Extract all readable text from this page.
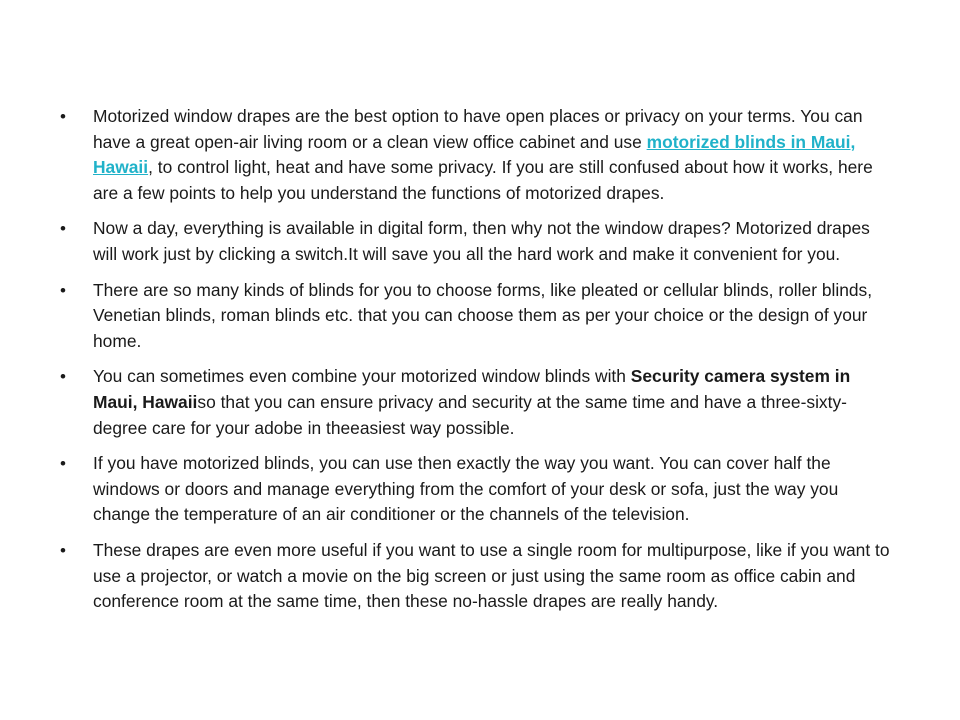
• Motorized window drapes are the best option to have open places or privacy on your terms. You can have a great open-air living room or a clean view office cabinet and use motorized blinds in Maui, Hawaii, to control light, heat and have some privacy. If you are still confused about how it works, here are a few points to help you understand the functions of motorized drapes.
• Now a day, everything is available in digital form, then why not the window drapes? Motorized drapes will work just by clicking a switch.It will save you all the hard work and make it convenient for you.
• There are so many kinds of blinds for you to choose forms, like pleated or cellular blinds, roller blinds, Venetian blinds, roman blinds etc. that you can choose them as per your choice or the design of your home.
• You can sometimes even combine your motorized window blinds with Security camera system in Maui, Hawaiiso that you can ensure privacy and security at the same time and have a three-sixty-degree care for your adobe in theeasiest way possible.
• If you have motorized blinds, you can use then exactly the way you want. You can cover half the windows or doors and manage everything from the comfort of your desk or sofa, just the way you change the temperature of an air conditioner or the channels of the television.
• These drapes are even more useful if you want to use a single room for multipurpose, like if you want to use a projector, or watch a movie on the big screen or just using the same room as office cabin and conference room at the same time, then these no-hassle drapes are really handy.
